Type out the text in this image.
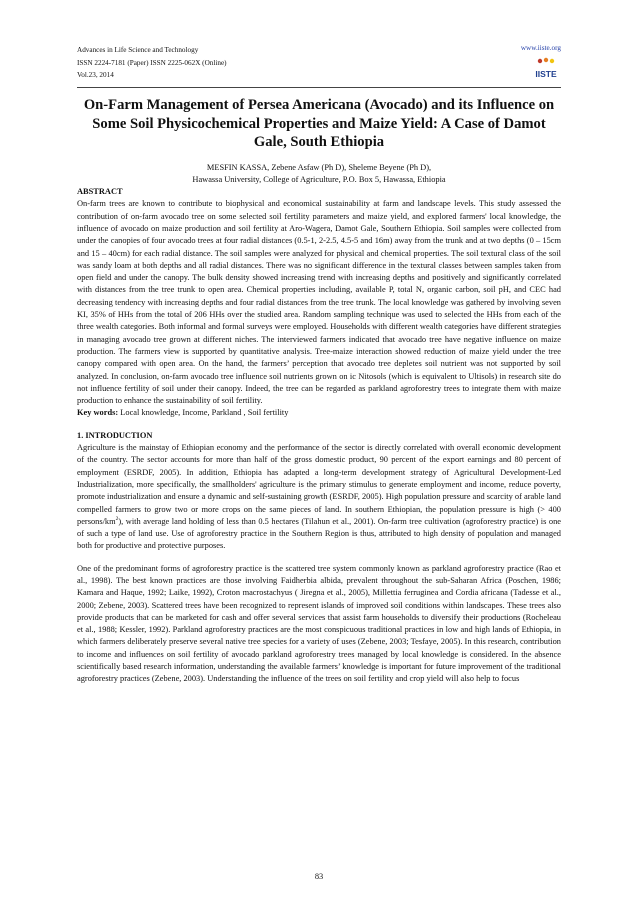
Advances in Life Science and Technology
ISSN 2224-7181 (Paper) ISSN 2225-062X (Online)
Vol.23, 2014
www.iiste.org
IISTE
On-Farm Management of Persea Americana (Avocado) and its Influence on Some Soil Physicochemical Properties and Maize Yield: A Case of Damot Gale, South Ethiopia
MESFIN KASSA, Zebene Asfaw (Ph D), Sheleme Beyene (Ph D),
Hawassa University, College of Agriculture, P.O. Box 5, Hawassa, Ethiopia
ABSTRACT

On-farm trees are known to contribute to biophysical and economical sustainability at farm and landscape levels. This study assessed the contribution of on-farm avocado tree on some selected soil fertility parameters and maize yield, and explored farmers' local knowledge, the influence of avocado on maize production and soil fertility at Aro-Wagera, Damot Gale, Southern Ethiopia. Soil samples were collected from under the canopies of four avocado trees at four radial distances (0.5-1, 2-2.5, 4.5-5 and 16m) away from the trunk and at two depths (0 – 15cm and 15 – 40cm) for each radial distance. The soil samples were analyzed for physical and chemical properties. The soil textural class of the soil was sandy loam at both depths and all radial distances. There was no significant difference in the textural classes between samples taken from open field and under the canopy. The bulk density showed increasing trend with increasing depths and positively and significantly correlated with distances from the tree trunk to open area. Chemical properties including, available P, total N, organic carbon, soil pH, and CEC had decreasing tendency with increasing depths and four radial distances from the tree trunk. The local knowledge was gathered by involving seven KI, 35% of HHs from the total of 206 HHs over the studied area. Random sampling technique was used to selected the HHs from each of the three wealth categories. Both informal and formal surveys were employed. Households with different wealth categories have different strategies in managing avocado tree grown at different niches. The interviewed farmers indicated that avocado tree have negative influence on maize production. The farmers view is supported by quantitative analysis. Tree-maize interaction showed reduction of maize yield under the tree canopy compared with open area. On the hand, the farmers’ perception that avocado tree depletes soil nutrient was not supported by soil analyzed. In conclusion, on-farm avocado tree influence soil nutrients grown on ic Nitosols (which is equivalent to Ultisols) in research site do not influence fertility of soil under their canopy. Indeed, the tree can be regarded as parkland agroforestry trees to integrate them with maize production to enhance the sustainability of soil fertility.

Key words: Local knowledge, Income, Parkland , Soil fertility

1. INTRODUCTION

Agriculture is the mainstay of Ethiopian economy and the performance of the sector is directly correlated with overall economic development of the country. The sector accounts for more than half of the gross domestic product, 90 percent of the export earnings and 80 percent of employment (ESRDF, 2005). In addition, Ethiopia has adapted a long-term development strategy of Agricultural Development-Led Industrialization, more specifically, the smallholders' agriculture is the primary stimulus to generate employment and income, reduce poverty, promote industrialization and ensure a dynamic and self-sustaining growth (ESRDF, 2005). High population pressure and scarcity of arable land compelled farmers to grow two or more crops on the same pieces of land. In southern Ethiopian, the population pressure is high (> 400 persons/$km^2$), with average land holding of less than 0.5 hectares (Tilahun et al., 2001). On-farm tree cultivation (agroforestry practice) is one of such a type of land use. Use of agroforestry practice in the Southern Region is thus, attributed to high density of population and managed both for productive and protective purposes.

One of the predominant forms of agroforestry practice is the scattered tree system commonly known as parkland agroforestry practice (Rao et al., 1998). The best known practices are those involving Faidherbia albida, prevalent throughout the sub-Saharan Africa (Poschen, 1986; Kamara and Haque, 1992; Laike, 1992), Croton macrostachyus ( Jiregna et al., 2005), Millettia ferruginea and Cordia africana (Tadesse et al., 2000; Zebene, 2003). Scattered trees have been recognized to represent islands of improved soil conditions within landscapes. These trees also provide products that can be marketed for cash and offer several services that assist farm households to diversify their productions (Rocheleau et al., 1988; Kessler, 1992). Parkland agroforestry practices are the most conspicuous traditional practices in low and high lands of Ethiopia, in which farmers deliberately preserve several native tree species for a variety of uses (Zebene, 2003; Tesfaye, 2005). In this research, contribution to income and influences on soil fertility of avocado parkland agroforestry trees managed by local knowledge is considered. In the absence scientifically based research information, understanding the available farmers’ knowledge is important for future improvement of the traditional agroforestry practices (Zebene, 2003). Understanding the influence of the trees on soil fertility and crop yield will also help to focus

83
